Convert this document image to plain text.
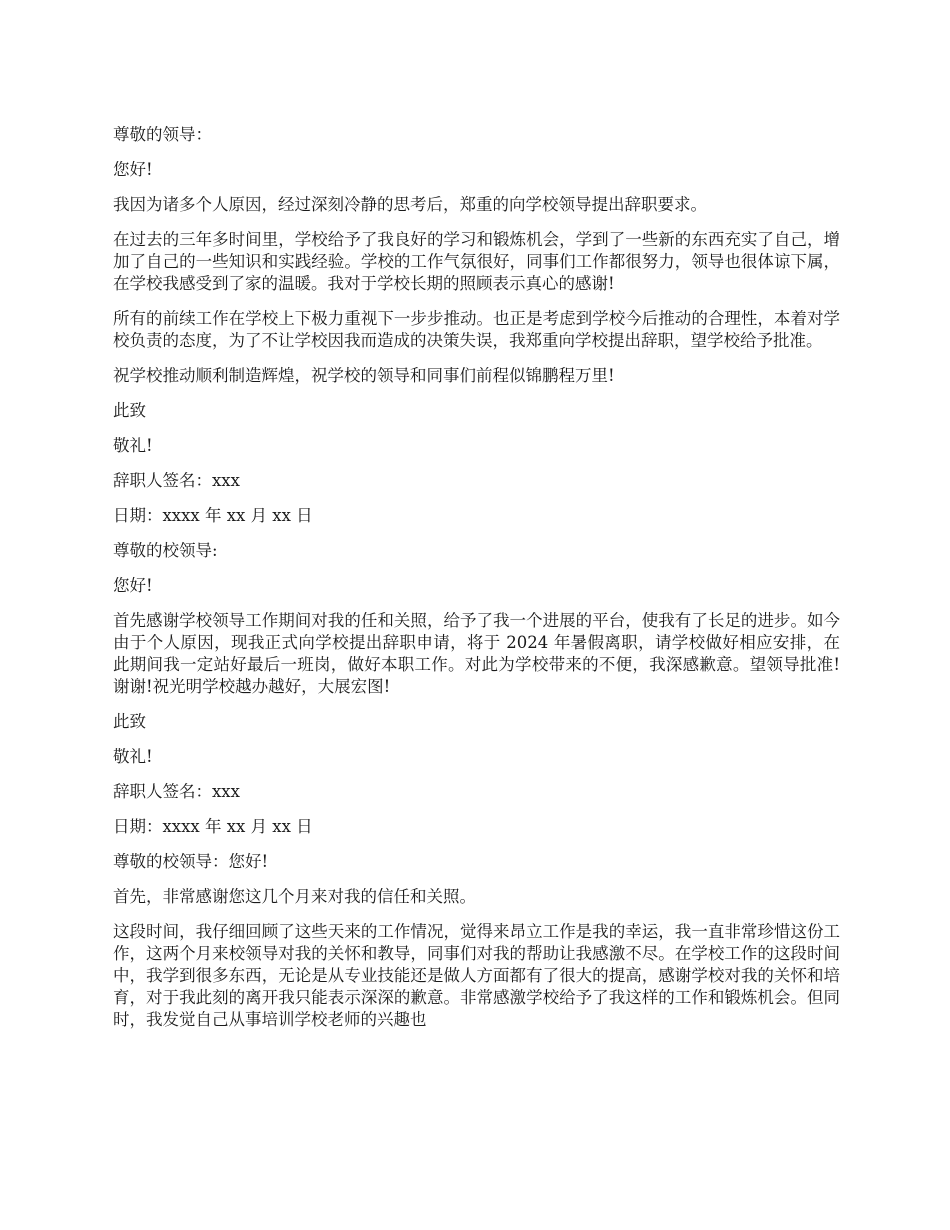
尊敬的领导：

您好!

我因为诸多个人原因，经过深刻冷静的思考后，郑重的向学校领导提出辞职要求。

在过去的三年多时间里，学校给予了我良好的学习和锻炼机会，学到了一些新的东西充实了自己，增加了自己的一些知识和实践经验。学校的工作气氛很好，同事们工作都很努力，领导也很体谅下属，在学校我感受到了家的温暖。我对于学校长期的照顾表示真心的感谢!

所有的前续工作在学校上下极力重视下一步步推动。也正是考虑到学校今后推动的合理性，本着对学校负责的态度，为了不让学校因我而造成的决策失误，我郑重向学校提出辞职，望学校给予批准。

祝学校推动顺利制造辉煌，祝学校的领导和同事们前程似锦鹏程万里!

此致

敬礼!

辞职人签名：xxx

日期：xxxx 年 xx 月 xx 日

尊敬的校领导:

您好!

首先感谢学校领导工作期间对我的任和关照，给予了我一个进展的平台，使我有了长足的进步。如今由于个人原因，现我正式向学校提出辞职申请，将于 2024 年暑假离职，请学校做好相应安排，在此期间我一定站好最后一班岗，做好本职工作。对此为学校带来的不便，我深感歉意。望领导批准!谢谢!祝光明学校越办越好，大展宏图!

此致

敬礼!

辞职人签名：xxx

日期：xxxx 年 xx 月 xx 日

尊敬的校领导：您好!

首先，非常感谢您这几个月来对我的信任和关照。

这段时间，我仔细回顾了这些天来的工作情况，觉得来昂立工作是我的幸运，我一直非常珍惜这份工作，这两个月来校领导对我的关怀和教导，同事们对我的帮助让我感激不尽。在学校工作的这段时间中，我学到很多东西，无论是从专业技能还是做人方面都有了很大的提高，感谢学校对我的关怀和培育，对于我此刻的离开我只能表示深深的歉意。非常感激学校给予了我这样的工作和锻炼机会。但同时，我发觉自己从事培训学校老师的兴趣也
